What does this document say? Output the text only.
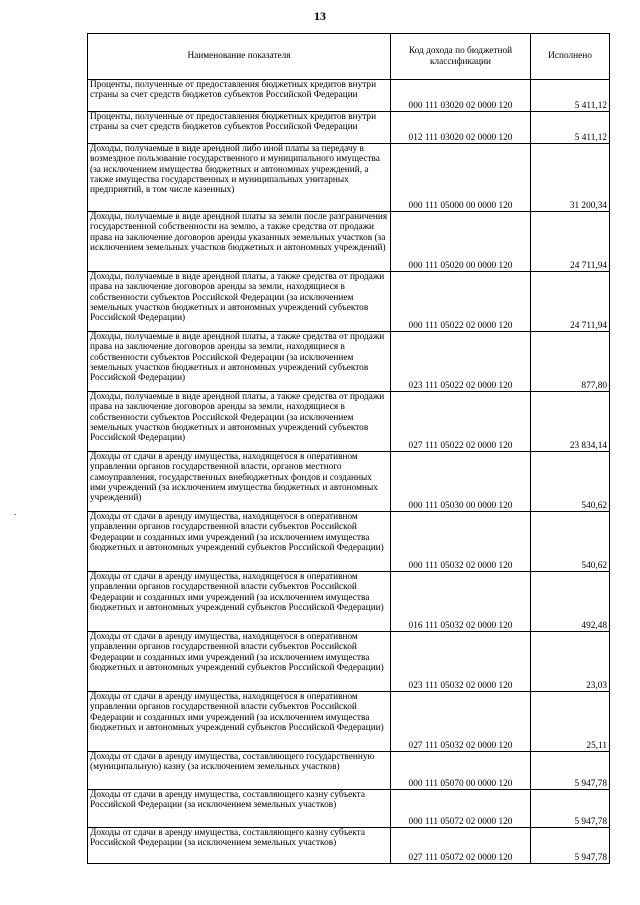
13
.
Наименование показателя	Код дохода по бюджетной классификации	Исполнено
Проценты, полученные от предоставления бюджетных кредитов внутри страны за счет средств бюджетов субъектов Российской Федерации	000 111 03020 02 0000 120	5 411,12
Проценты, полученные от предоставления бюджетных кредитов внутри страны за счет средств бюджетов субъектов Российской Федерации	012 111 03020 02 0000 120	5 411,12
Доходы, получаемые в виде арендной либо иной платы за передачу в возмездное пользование государственного и муниципального имущества (за исключением имущества бюджетных и автономных учреждений, а также имущества государственных и муниципальных унитарных предприятий, в том числе казенных)	000 111 05000 00 0000 120	31 200,34
Доходы, получаемые в виде арендной платы за земли после разграничения государственной собственности на землю, а также средства от продажи права на заключение договоров аренды указанных земельных участков (за исключением земельных участков бюджетных и автономных учреждений)	000 111 05020 00 0000 120	24 711,94
Доходы, получаемые в виде арендной платы, а также средства от продажи права на заключение договоров аренды за земли, находящиеся в собственности субъектов Российской Федерации (за исключением земельных участков бюджетных и автономных учреждений субъектов Российской Федерации)	000 111 05022 02 0000 120	24 711,94
Доходы, получаемые в виде арендной платы, а также средства от продажи права на заключение договоров аренды за земли, находящиеся в собственности субъектов Российской Федерации (за исключением земельных участков бюджетных и автономных учреждений субъектов Российской Федерации)	023 111 05022 02 0000 120	877,80
Доходы, получаемые в виде арендной платы, а также средства от продажи права на заключение договоров аренды за земли, находящиеся в собственности субъектов Российской Федерации (за исключением земельных участков бюджетных и автономных учреждений субъектов Российской Федерации)	027 111 05022 02 0000 120	23 834,14
Доходы от сдачи в аренду имущества, находящегося в оперативном управлении органов государственной власти, органов местного самоуправления, государственных внебюджетных фондов и созданных ими учреждений (за исключением имущества бюджетных и автономных учреждений)	000 111 05030 00 0000 120	540,62
Доходы от сдачи в аренду имущества, находящегося в оперативном управлении органов государственной власти субъектов Российской Федерации и созданных ими учреждений (за исключением имущества бюджетных и автономных учреждений субъектов Российской Федерации)	000 111 05032 02 0000 120	540,62
Доходы от сдачи в аренду имущества, находящегося в оперативном управлении органов государственной власти субъектов Российской Федерации и созданных ими учреждений (за исключением имущества бюджетных и автономных учреждений субъектов Российской Федерации)	016 111 05032 02 0000 120	492,48
Доходы от сдачи в аренду имущества, находящегося в оперативном управлении органов государственной власти субъектов Российской Федерации и созданных ими учреждений (за исключением имущества бюджетных и автономных учреждений субъектов Российской Федерации)	023 111 05032 02 0000 120	23,03
Доходы от сдачи в аренду имущества, находящегося в оперативном управлении органов государственной власти субъектов Российской Федерации и созданных ими учреждений (за исключением имущества бюджетных и автономных учреждений субъектов Российской Федерации)	027 111 05032 02 0000 120	25,11
Доходы от сдачи в аренду имущества, составляющего государственную (муниципальную) казну (за исключением земельных участков)	000 111 05070 00 0000 120	5 947,78
Доходы от сдачи в аренду имущества, составляющего казну субъекта Российской Федерации (за исключением земельных участков)	000 111 05072 02 0000 120	5 947,78
Доходы от сдачи в аренду имущества, составляющего казну субъекта Российской Федерации (за исключением земельных участков)	027 111 05072 02 0000 120	5 947,78
